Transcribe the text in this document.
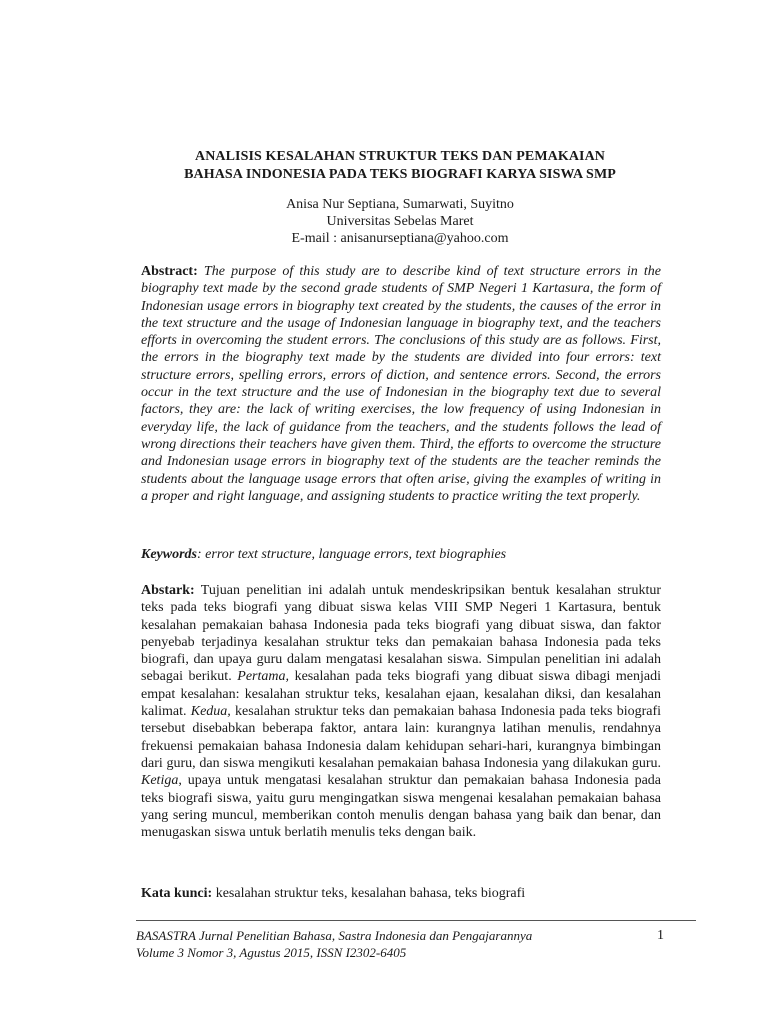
ANALISIS KESALAHAN STRUKTUR TEKS DAN PEMAKAIAN
BAHASA INDONESIA PADA TEKS BIOGRAFI KARYA SISWA SMP
Anisa Nur Septiana, Sumarwati, Suyitno
Universitas Sebelas Maret
E-mail : anisanurseptiana@yahoo.com
Abstract: The purpose of this study are to describe kind of text structure errors in the biography text made by the second grade students of SMP Negeri 1 Kartasura, the form of Indonesian usage errors in biography text created by the students, the causes of the error in the text structure and the usage of Indonesian language in biography text, and the teachers efforts in overcoming the student errors. The conclusions of this study are as follows. First, the errors in the biography text made by the students are divided into four errors: text structure errors, spelling errors, errors of diction, and sentence errors. Second, the errors occur in the text structure and the use of Indonesian in the biography text due to several factors, they are: the lack of writing exercises, the low frequency of using Indonesian in everyday life, the lack of guidance from the teachers, and the students follows the lead of wrong directions their teachers have given them. Third, the efforts to overcome the structure and Indonesian usage errors in biography text of the students are the teacher reminds the students about the language usage errors that often arise, giving the examples of writing in a proper and right language, and assigning students to practice writing the text properly.
Keywords: error text structure, language errors, text biographies
Abstark: Tujuan penelitian ini adalah untuk mendeskripsikan bentuk kesalahan struktur teks pada teks biografi yang dibuat siswa kelas VIII SMP Negeri 1 Kartasura, bentuk kesalahan pemakaian bahasa Indonesia pada teks biografi yang dibuat siswa, dan faktor penyebab terjadinya kesalahan struktur teks dan pemakaian bahasa Indonesia pada teks biografi, dan upaya guru dalam mengatasi kesalahan siswa. Simpulan penelitian ini adalah sebagai berikut. Pertama, kesalahan pada teks biografi yang dibuat siswa dibagi menjadi empat kesalahan: kesalahan struktur teks, kesalahan ejaan, kesalahan diksi, dan kesalahan kalimat. Kedua, kesalahan struktur teks dan pemakaian bahasa Indonesia pada teks biografi tersebut disebabkan beberapa faktor, antara lain: kurangnya latihan menulis, rendahnya frekuensi pemakaian bahasa Indonesia dalam kehidupan sehari-hari, kurangnya bimbingan dari guru, dan siswa mengikuti kesalahan pemakaian bahasa Indonesia yang dilakukan guru. Ketiga, upaya untuk mengatasi kesalahan struktur dan pemakaian bahasa Indonesia pada teks biografi siswa, yaitu guru mengingatkan siswa mengenai kesalahan pemakaian bahasa yang sering muncul, memberikan contoh menulis dengan bahasa yang baik dan benar, dan menugaskan siswa untuk berlatih menulis teks dengan baik.
Kata kunci: kesalahan struktur teks, kesalahan bahasa, teks biografi
BASASTRA Jurnal Penelitian Bahasa, Sastra Indonesia dan Pengajarannya
Volume 3 Nomor 3, Agustus 2015, ISSN I2302-6405
1
